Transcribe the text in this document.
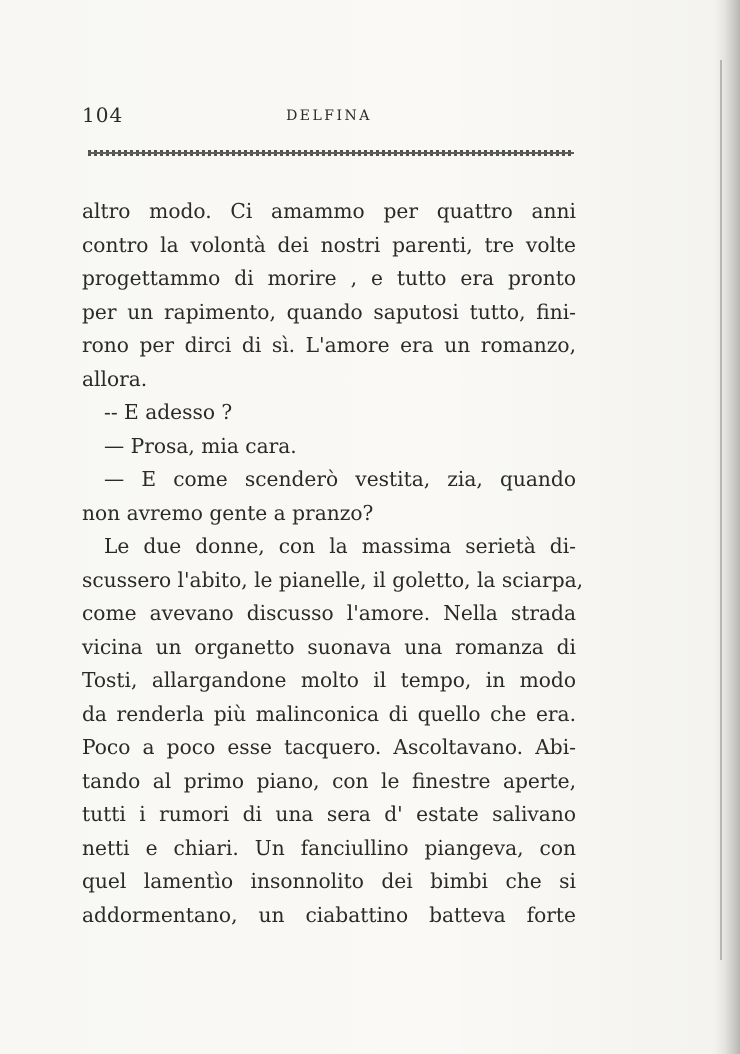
104	DELFINA
altro modo. Ci amammo per quattro anni
contro la volontà dei nostri parenti, tre volte
progettammo di morire , e tutto era pronto
per un rapimento, quando saputosi tutto, fini-
rono per dirci di sì. L'amore era un romanzo,
allora.
-- E adesso ?
— Prosa, mia cara.
— E come scenderò vestita, zia, quando
non avremo gente a pranzo?
Le due donne, con la massima serietà di-
scussero l'abito, le pianelle, il goletto, la sciarpa,
come avevano discusso l'amore. Nella strada
vicina un organetto suonava una romanza di
Tosti, allargandone molto il tempo, in modo
da renderla più malinconica di quello che era.
Poco a poco esse tacquero. Ascoltavano. Abi-
tando al primo piano, con le finestre aperte,
tutti i rumori di una sera d' estate salivano
netti e chiari. Un fanciullino piangeva, con
quel lamentìo insonnolito dei bimbi che si
addormentano, un ciabattino batteva forte
